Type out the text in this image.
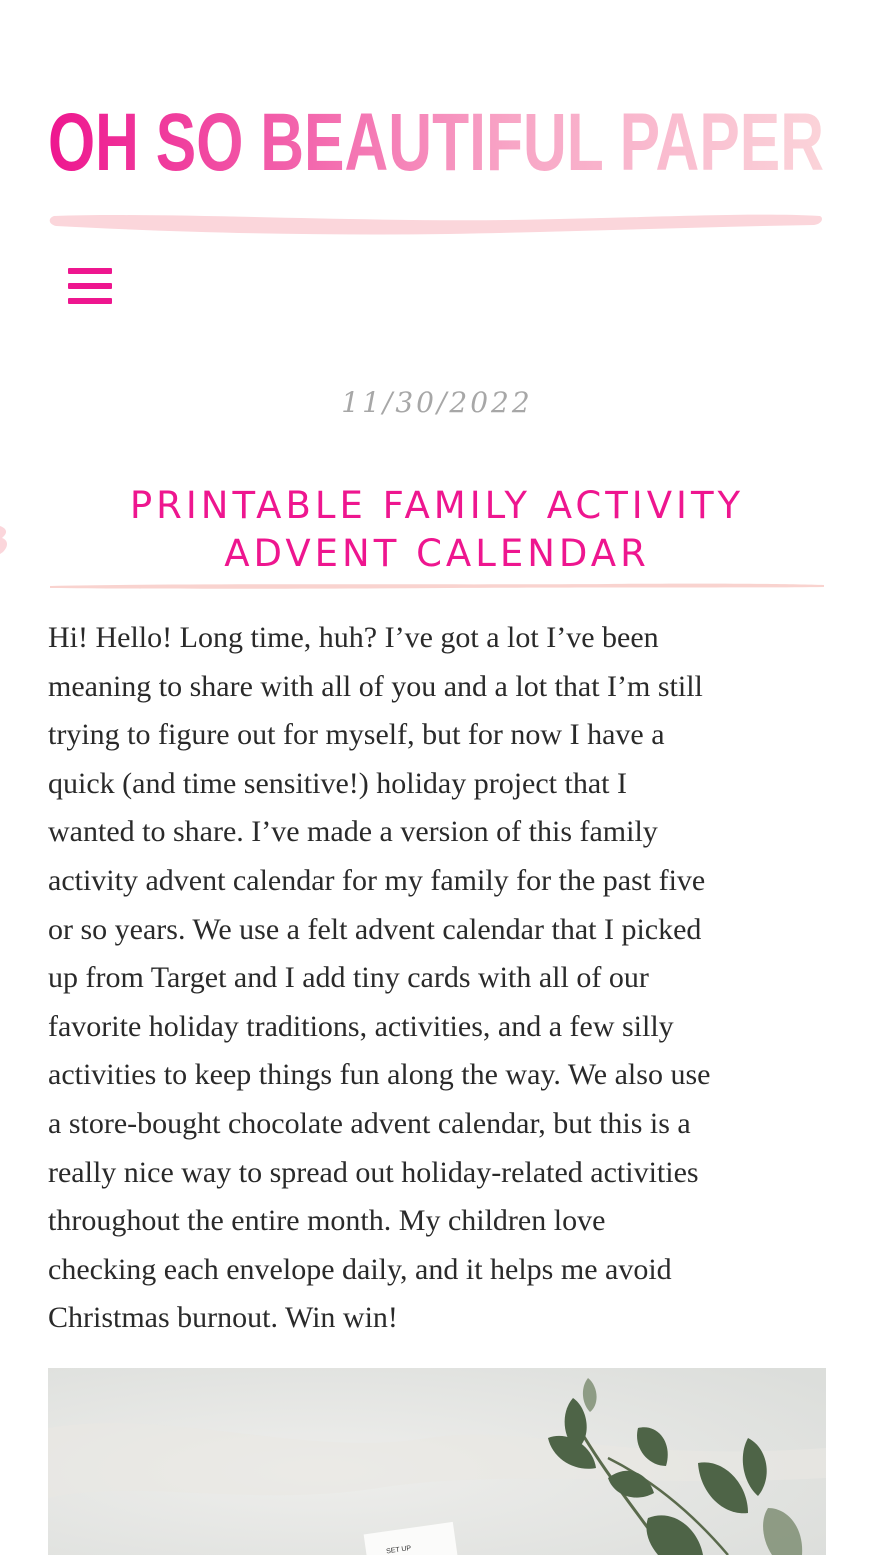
OH SO BEAUTIFUL PAPER
11/30/2022
PRINTABLE FAMILY ACTIVITY
ADVENT CALENDAR

Hi! Hello! Long time, huh? I’ve got a lot I’ve been
meaning to share with all of you and a lot that I’m still
trying to figure out for myself, but for now I have a
quick (and time sensitive!) holiday project that I
wanted to share. I’ve made a version of this family
activity advent calendar for my family for the past five
or so years. We use a felt advent calendar that I picked
up from Target and I add tiny cards with all of our
favorite holiday traditions, activities, and a few silly
activities to keep things fun along the way. We also use
a store-bought chocolate advent calendar, but this is a
really nice way to spread out holiday-related activities
throughout the entire month. My children love
checking each envelope daily, and it helps me avoid
Christmas burnout. Win win!

SET UP
